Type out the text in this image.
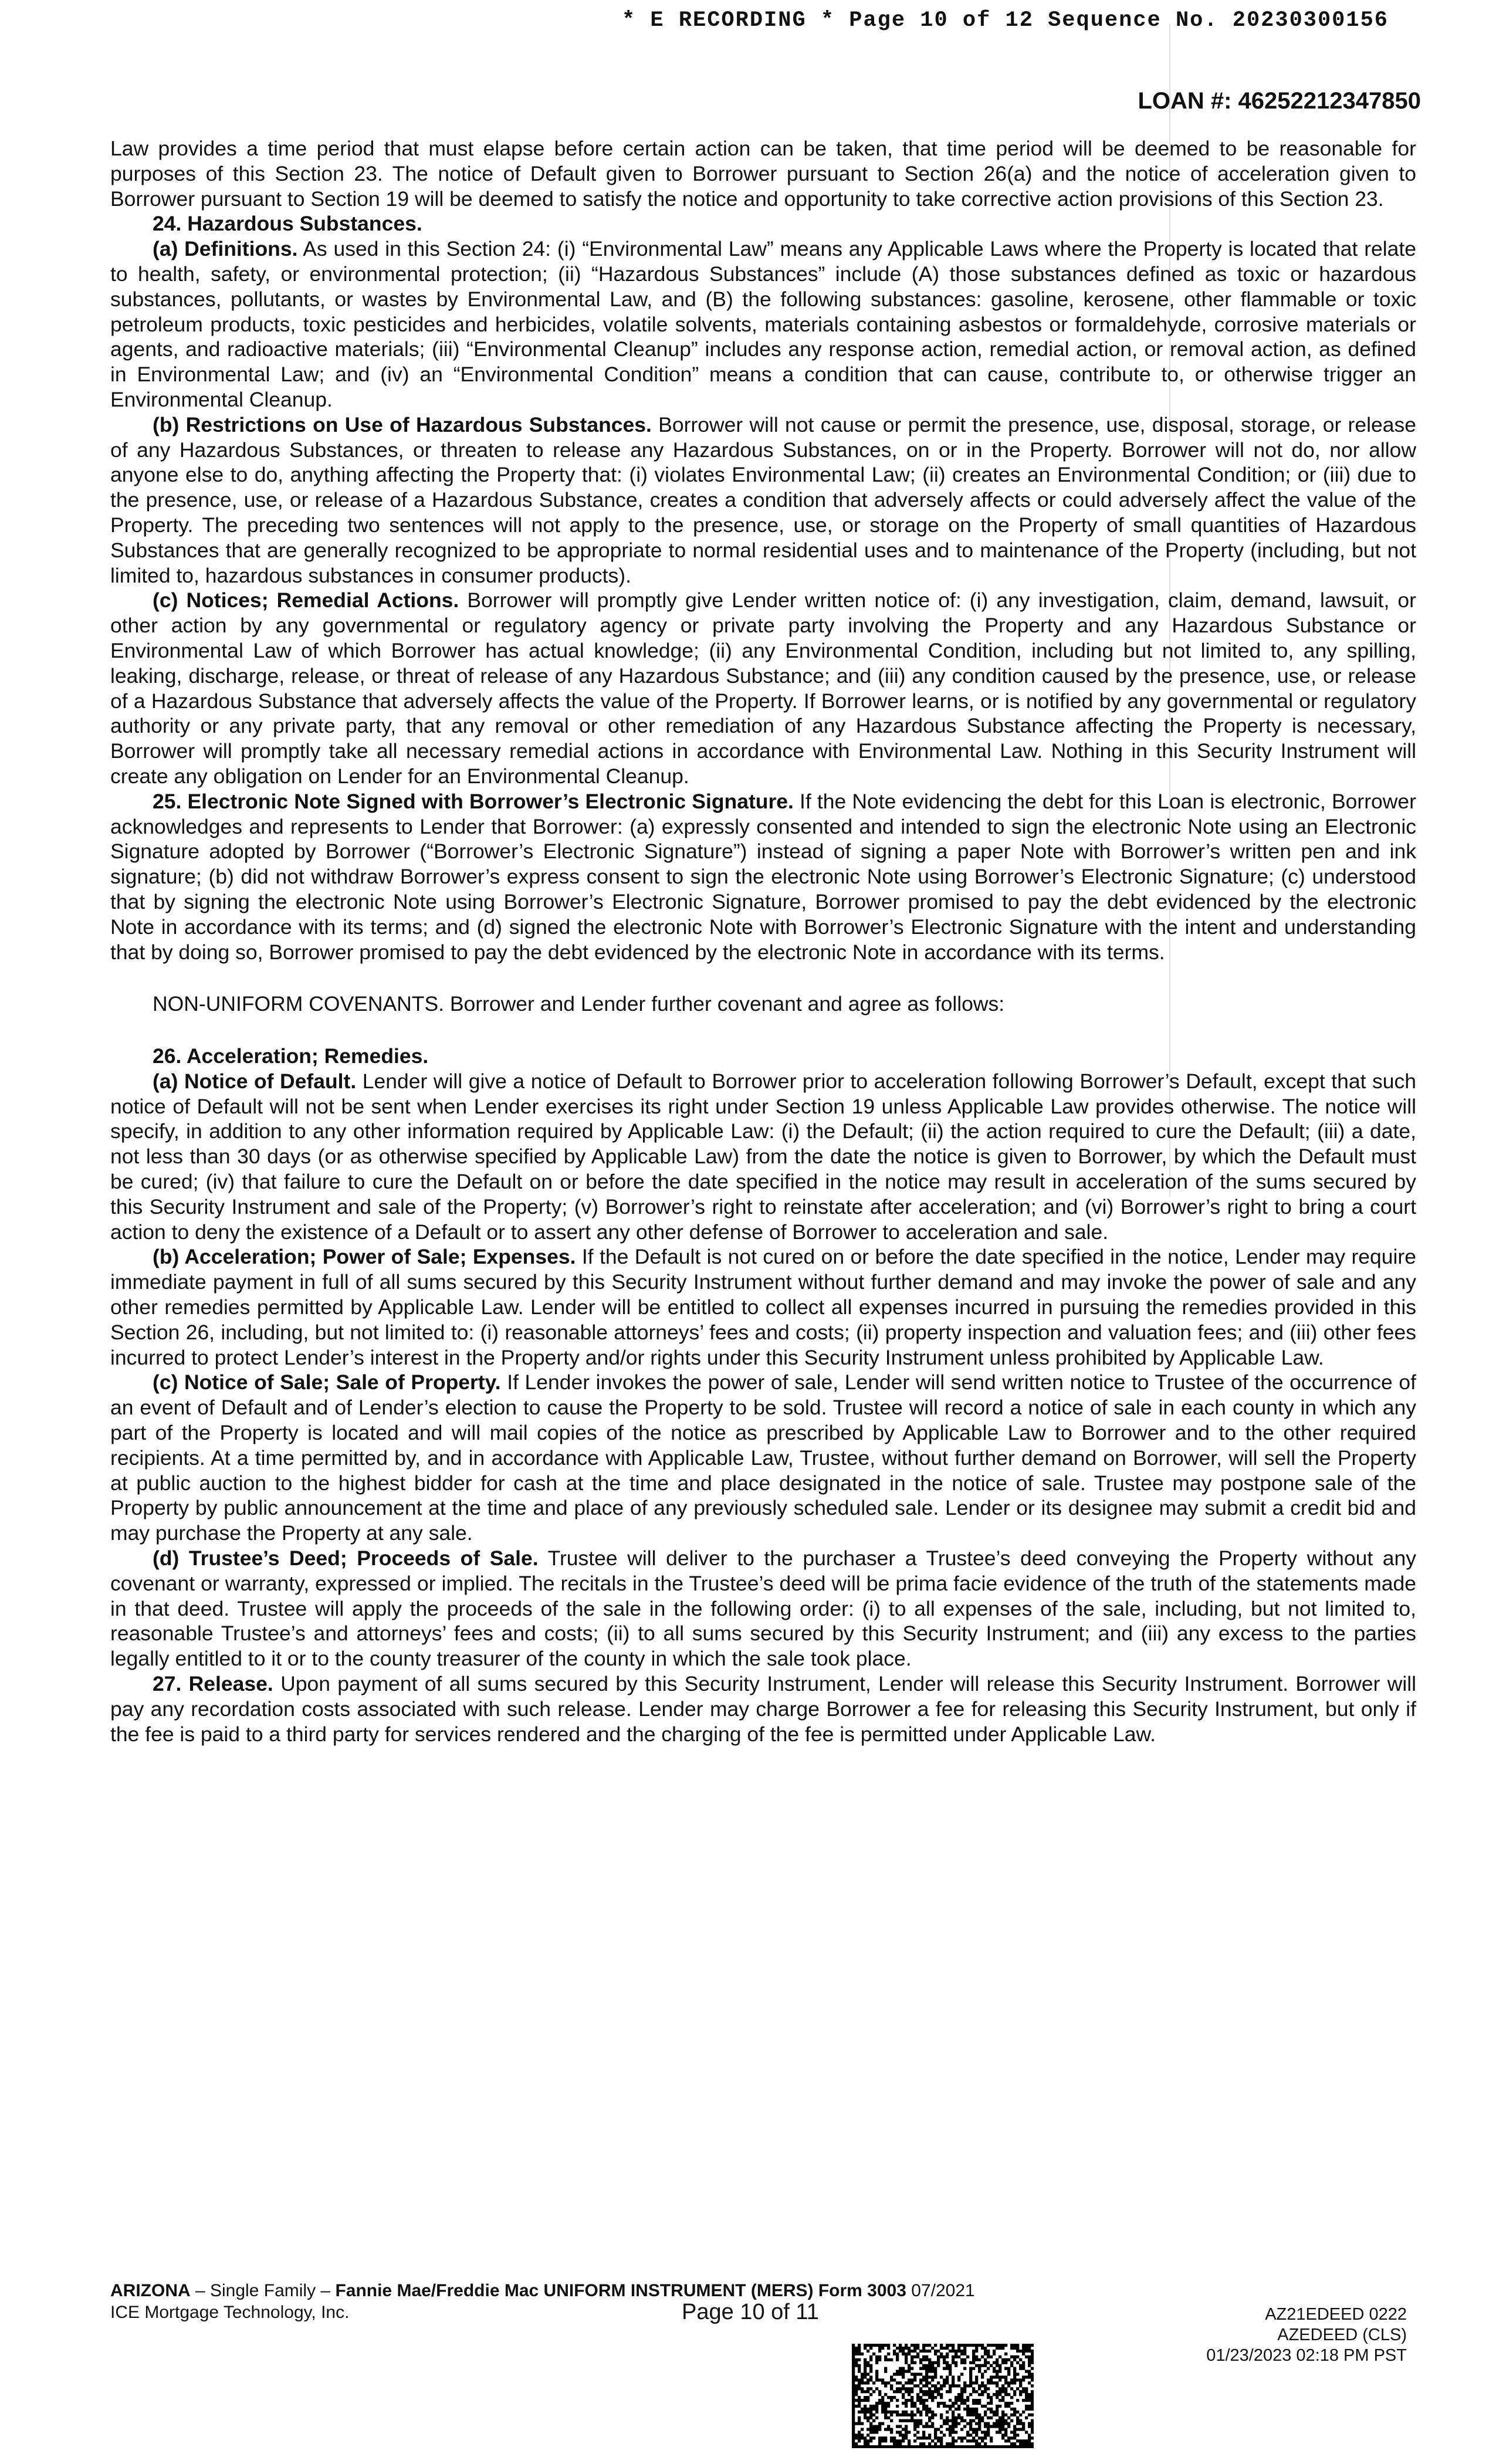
* E RECORDING * Page 10 of 12 Sequence No. 20230300156
LOAN #: 46252212347850

Law provides a time period that must elapse before certain action can be taken, that time period will be deemed to be reasonable for purposes of this Section 23. The notice of Default given to Borrower pursuant to Section 26(a) and the notice of acceleration given to Borrower pursuant to Section 19 will be deemed to satisfy the notice and opportunity to take corrective action provisions of this Section 23.

24. Hazardous Substances.

(a) Definitions. As used in this Section 24: (i) “Environmental Law” means any Applicable Laws where the Property is located that relate to health, safety, or environmental protection; (ii) “Hazardous Substances” include (A) those substances defined as toxic or hazardous substances, pollutants, or wastes by Environmental Law, and (B) the following substances: gasoline, kerosene, other flammable or toxic petroleum products, toxic pesticides and herbicides, volatile solvents, materials containing asbestos or formaldehyde, corrosive materials or agents, and radioactive materials; (iii) “Environmental Cleanup” includes any response action, remedial action, or removal action, as defined in Environmental Law; and (iv) an “Environmental Condition” means a condition that can cause, contribute to, or otherwise trigger an Environmental Cleanup.

(b) Restrictions on Use of Hazardous Substances. Borrower will not cause or permit the presence, use, disposal, storage, or release of any Hazardous Substances, or threaten to release any Hazardous Substances, on or in the Property. Borrower will not do, nor allow anyone else to do, anything affecting the Property that: (i) violates Environmental Law; (ii) creates an Environmental Condition; or (iii) due to the presence, use, or release of a Hazardous Substance, creates a condition that adversely affects or could adversely affect the value of the Property. The preceding two sentences will not apply to the presence, use, or storage on the Property of small quantities of Hazardous Substances that are generally recognized to be appropriate to normal residential uses and to maintenance of the Property (including, but not limited to, hazardous substances in consumer products).

(c) Notices; Remedial Actions. Borrower will promptly give Lender written notice of: (i) any investigation, claim, demand, lawsuit, or other action by any governmental or regulatory agency or private party involving the Property and any Hazardous Substance or Environmental Law of which Borrower has actual knowledge; (ii) any Environmental Condition, including but not limited to, any spilling, leaking, discharge, release, or threat of release of any Hazardous Substance; and (iii) any condition caused by the presence, use, or release of a Hazardous Substance that adversely affects the value of the Property. If Borrower learns, or is notified by any governmental or regulatory authority or any private party, that any removal or other remediation of any Hazardous Substance affecting the Property is necessary, Borrower will promptly take all necessary remedial actions in accordance with Environmental Law. Nothing in this Security Instrument will create any obligation on Lender for an Environmental Cleanup.

25. Electronic Note Signed with Borrower’s Electronic Signature. If the Note evidencing the debt for this Loan is electronic, Borrower acknowledges and represents to Lender that Borrower: (a) expressly consented and intended to sign the electronic Note using an Electronic Signature adopted by Borrower (“Borrower’s Electronic Signature”) instead of signing a paper Note with Borrower’s written pen and ink signature; (b) did not withdraw Borrower’s express consent to sign the electronic Note using Borrower’s Electronic Signature; (c) understood that by signing the electronic Note using Borrower’s Electronic Signature, Borrower promised to pay the debt evidenced by the electronic Note in accordance with its terms; and (d) signed the electronic Note with Borrower’s Electronic Signature with the intent and understanding that by doing so, Borrower promised to pay the debt evidenced by the electronic Note in accordance with its terms.

NON-UNIFORM COVENANTS. Borrower and Lender further covenant and agree as follows:

26. Acceleration; Remedies.

(a) Notice of Default. Lender will give a notice of Default to Borrower prior to acceleration following Borrower’s Default, except that such notice of Default will not be sent when Lender exercises its right under Section 19 unless Applicable Law provides otherwise. The notice will specify, in addition to any other information required by Applicable Law: (i) the Default; (ii) the action required to cure the Default; (iii) a date, not less than 30 days (or as otherwise specified by Applicable Law) from the date the notice is given to Borrower, by which the Default must be cured; (iv) that failure to cure the Default on or before the date specified in the notice may result in acceleration of the sums secured by this Security Instrument and sale of the Property; (v) Borrower’s right to reinstate after acceleration; and (vi) Borrower’s right to bring a court action to deny the existence of a Default or to assert any other defense of Borrower to acceleration and sale.

(b) Acceleration; Power of Sale; Expenses. If the Default is not cured on or before the date specified in the notice, Lender may require immediate payment in full of all sums secured by this Security Instrument without further demand and may invoke the power of sale and any other remedies permitted by Applicable Law. Lender will be entitled to collect all expenses incurred in pursuing the remedies provided in this Section 26, including, but not limited to: (i) reasonable attorneys’ fees and costs; (ii) property inspection and valuation fees; and (iii) other fees incurred to protect Lender’s interest in the Property and/or rights under this Security Instrument unless prohibited by Applicable Law.

(c) Notice of Sale; Sale of Property. If Lender invokes the power of sale, Lender will send written notice to Trustee of the occurrence of an event of Default and of Lender’s election to cause the Property to be sold. Trustee will record a notice of sale in each county in which any part of the Property is located and will mail copies of the notice as prescribed by Applicable Law to Borrower and to the other required recipients. At a time permitted by, and in accordance with Applicable Law, Trustee, without further demand on Borrower, will sell the Property at public auction to the highest bidder for cash at the time and place designated in the notice of sale. Trustee may postpone sale of the Property by public announcement at the time and place of any previously scheduled sale. Lender or its designee may submit a credit bid and may purchase the Property at any sale.

(d) Trustee’s Deed; Proceeds of Sale. Trustee will deliver to the purchaser a Trustee’s deed conveying the Property without any covenant or warranty, expressed or implied. The recitals in the Trustee’s deed will be prima facie evidence of the truth of the statements made in that deed. Trustee will apply the proceeds of the sale in the following order: (i) to all expenses of the sale, including, but not limited to, reasonable Trustee’s and attorneys’ fees and costs; (ii) to all sums secured by this Security Instrument; and (iii) any excess to the parties legally entitled to it or to the county treasurer of the county in which the sale took place.

27. Release. Upon payment of all sums secured by this Security Instrument, Lender will release this Security Instrument. Borrower will pay any recordation costs associated with such release. Lender may charge Borrower a fee for releasing this Security Instrument, but only if the fee is paid to a third party for services rendered and the charging of the fee is permitted under Applicable Law.

ARIZONA – Single Family – Fannie Mae/Freddie Mac UNIFORM INSTRUMENT (MERS) Form 3003 07/2021
ICE Mortgage Technology, Inc.	Page 10 of 11	AZ21EDEED 0222
AZEDEED (CLS)
01/23/2023 02:18 PM PST
